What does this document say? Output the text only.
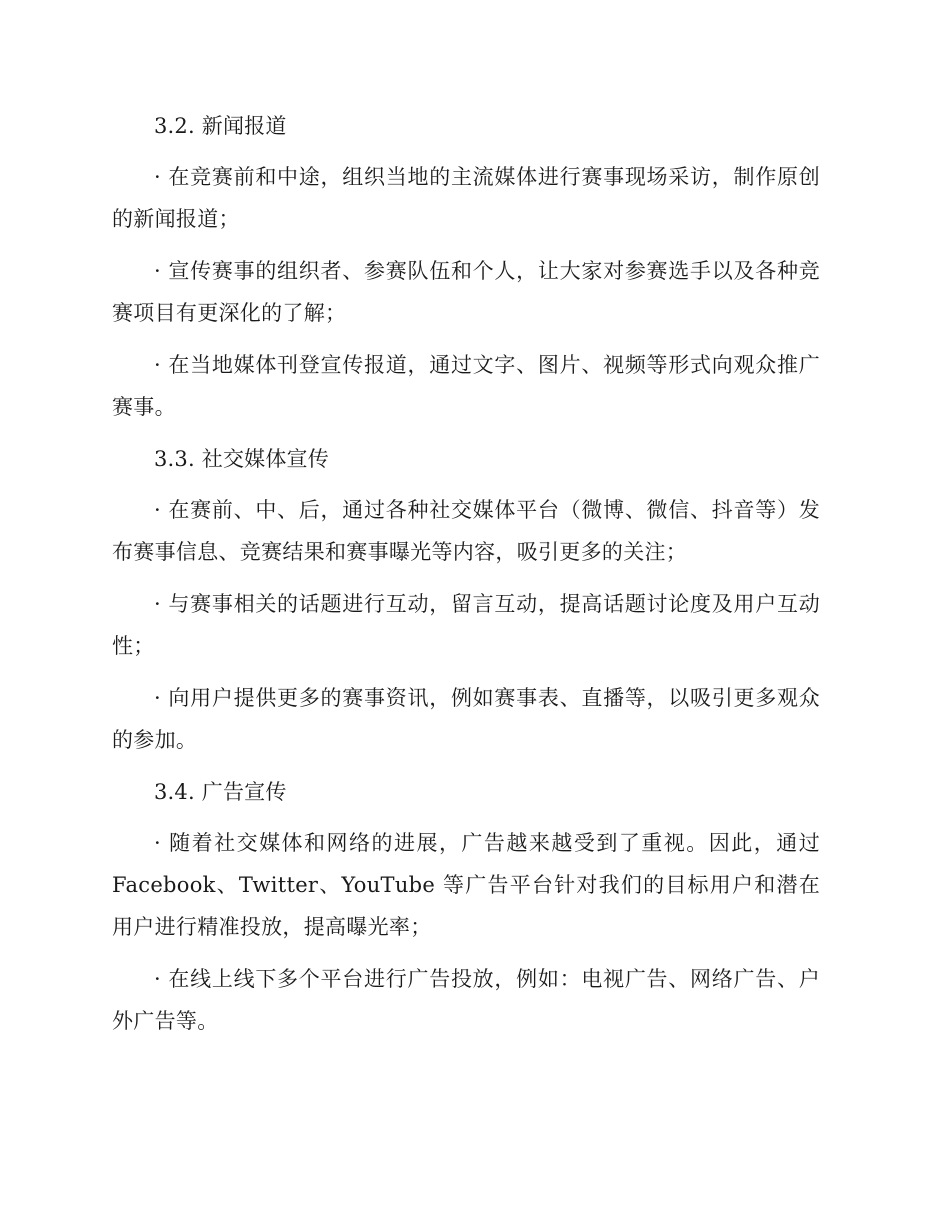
3.2. 新闻报道

· 在竞赛前和中途，组织当地的主流媒体进行赛事现场采访，制作原创的新闻报道；

· 宣传赛事的组织者、参赛队伍和个人，让大家对参赛选手以及各种竞赛项目有更深化的了解；

· 在当地媒体刊登宣传报道，通过文字、图片、视频等形式向观众推广赛事。

3.3. 社交媒体宣传

· 在赛前、中、后，通过各种社交媒体平台（微博、微信、抖音等）发布赛事信息、竞赛结果和赛事曝光等内容，吸引更多的关注；

· 与赛事相关的话题进行互动，留言互动，提高话题讨论度及用户互动性；

· 向用户提供更多的赛事资讯，例如赛事表、直播等，以吸引更多观众的参加。

3.4. 广告宣传

· 随着社交媒体和网络的进展，广告越来越受到了重视。因此，通过Facebook、Twitter、YouTube 等广告平台针对我们的目标用户和潜在用户进行精准投放，提高曝光率；

· 在线上线下多个平台进行广告投放，例如：电视广告、网络广告、户外广告等。
